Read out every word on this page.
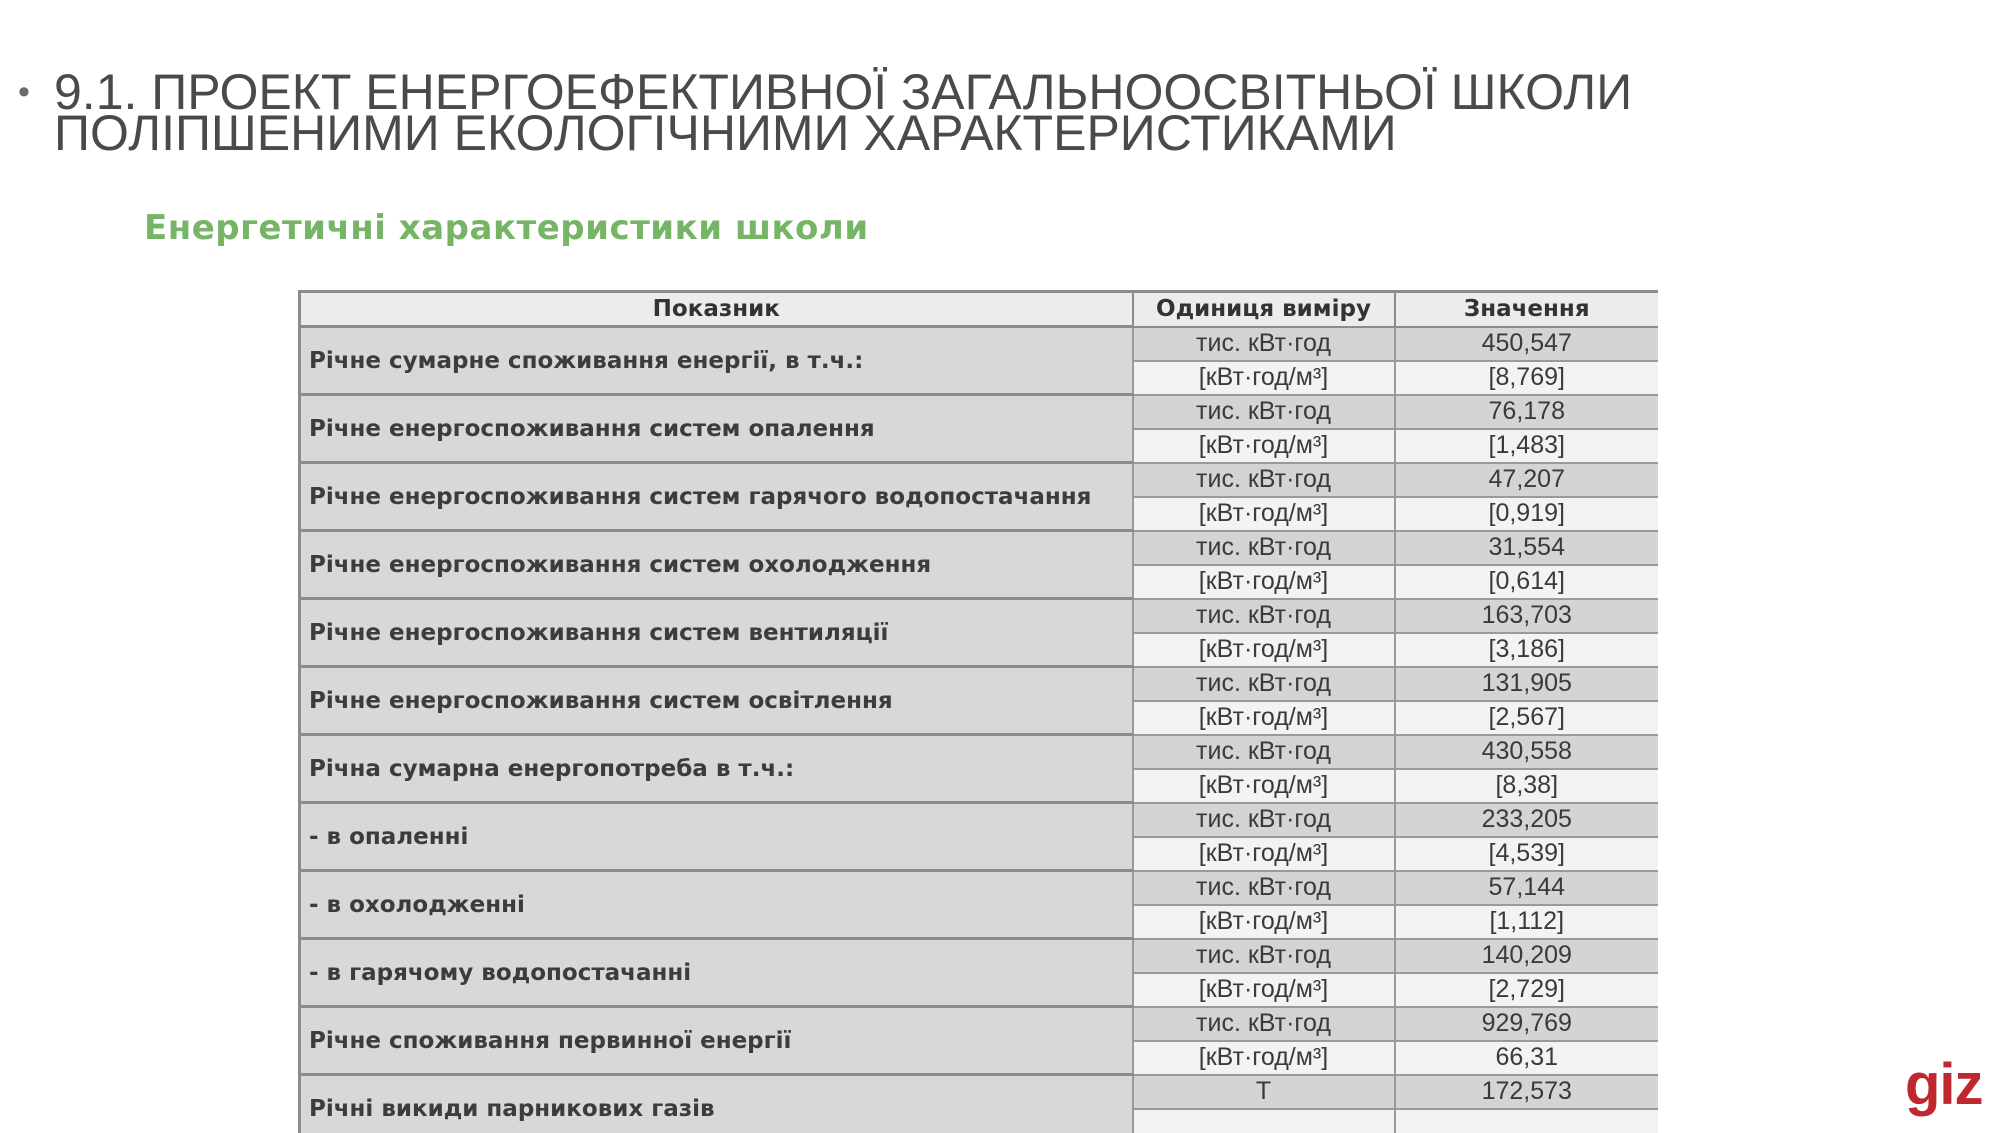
• 9.1. ПРОЕКТ ЕНЕРГОЕФЕКТИВНОЇ ЗАГАЛЬНООСВІТНЬОЇ ШКОЛИ
ПОЛІПШЕНИМИ ЕКОЛОГІЧНИМИ ХАРАКТЕРИСТИКАМИ
Енергетичні характеристики школи
Показник	Одиниця виміру	Значення
Річне сумарне споживання енергії, в т.ч.:	тис. кВт·год	450,547
	[кВт·год/м³]	[8,769]
Річне енергоспоживання систем опалення	тис. кВт·год	76,178
	[кВт·год/м³]	[1,483]
Річне енергоспоживання систем гарячого водопостачання	тис. кВт·год	47,207
	[кВт·год/м³]	[0,919]
Річне енергоспоживання систем охолодження	тис. кВт·год	31,554
	[кВт·год/м³]	[0,614]
Річне енергоспоживання систем вентиляції	тис. кВт·год	163,703
	[кВт·год/м³]	[3,186]
Річне енергоспоживання систем освітлення	тис. кВт·год	131,905
	[кВт·год/м³]	[2,567]
Річна сумарна енергопотреба в т.ч.:	тис. кВт·год	430,558
	[кВт·год/м³]	[8,38]
- в опаленні	тис. кВт·год	233,205
	[кВт·год/м³]	[4,539]
- в охолодженні	тис. кВт·год	57,144
	[кВт·год/м³]	[1,112]
- в гарячому водопостачанні	тис. кВт·год	140,209
	[кВт·год/м³]	[2,729]
Річне споживання первинної енергії	тис. кВт·год	929,769
	[кВт·год/м³]	66,31
Річні викиди парникових газів	Т	172,573
		giz
